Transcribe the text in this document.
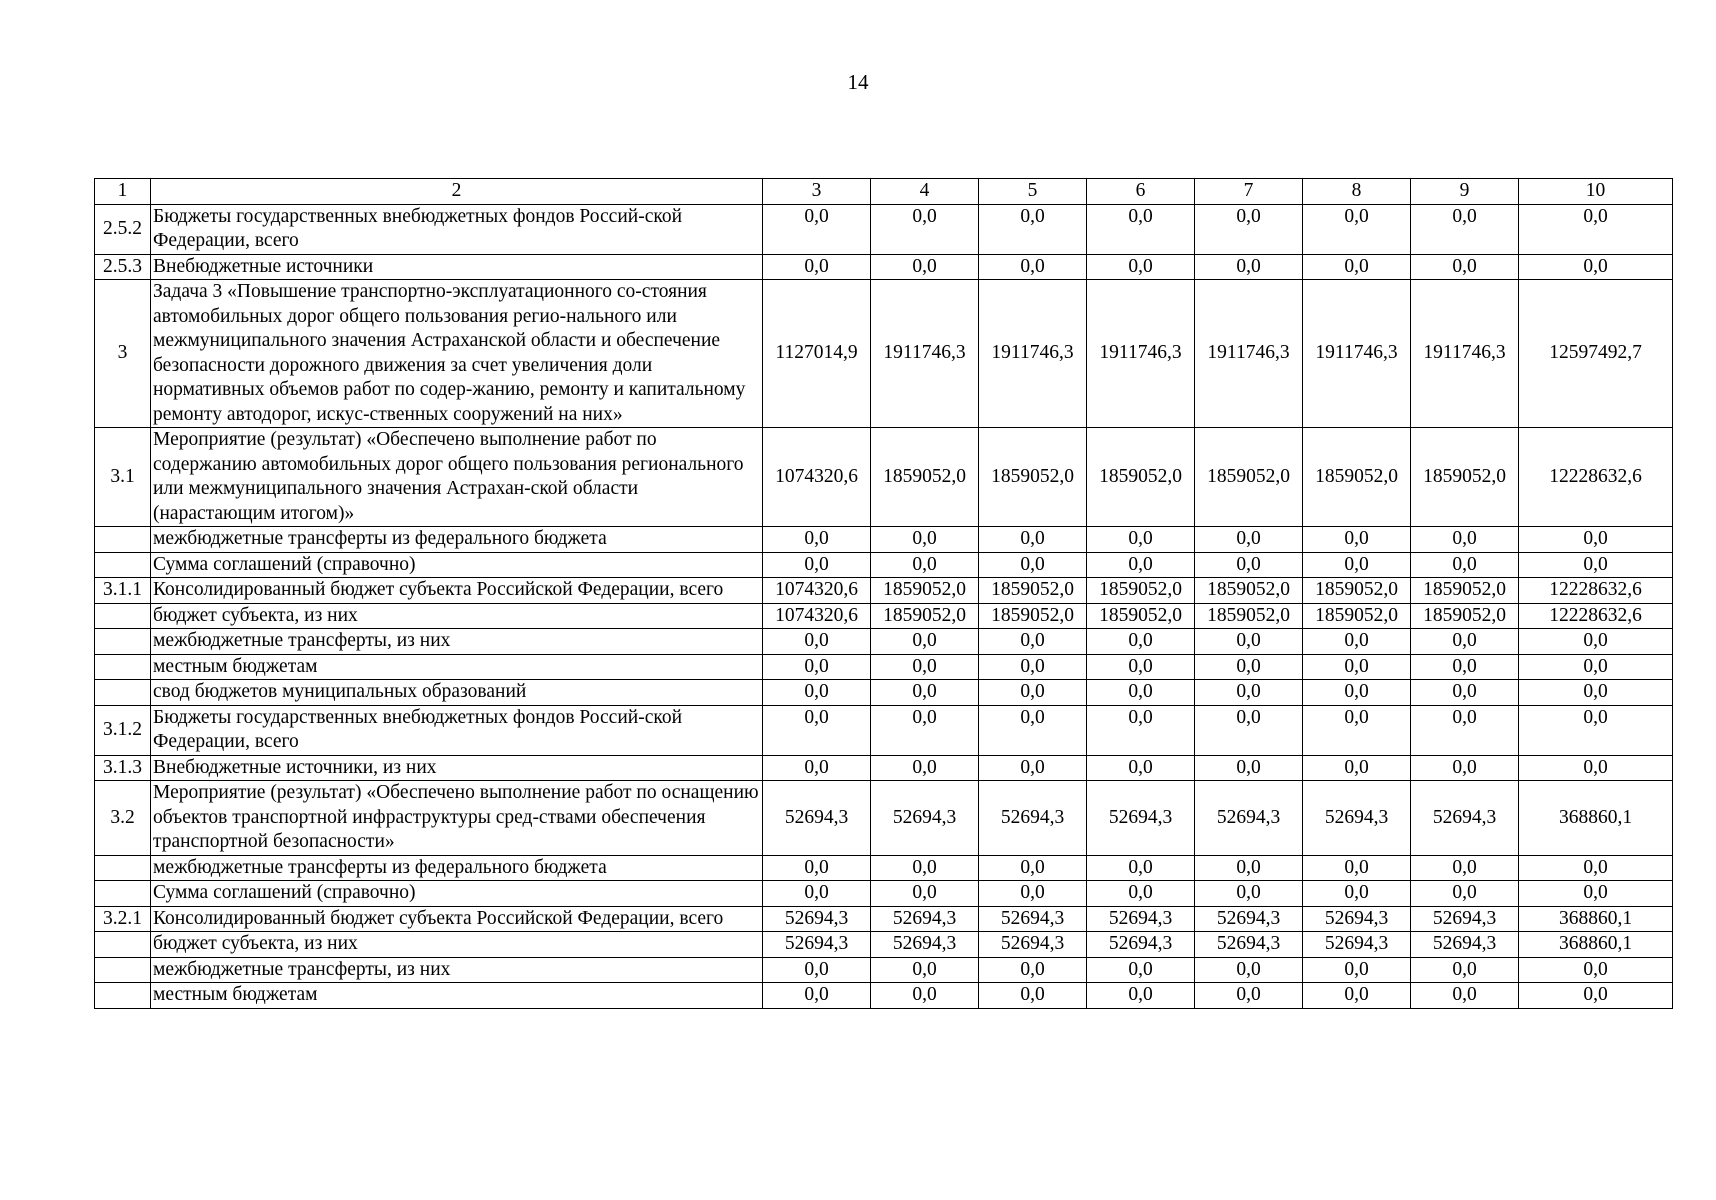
14
1	2	3	4	5	6	7	8	9	10
2.5.2	Бюджеты государственных внебюджетных фондов Россий-ской Федерации, всего	0,0	0,0	0,0	0,0	0,0	0,0	0,0	0,0
2.5.3	Внебюджетные источники	0,0	0,0	0,0	0,0	0,0	0,0	0,0	0,0
3	Задача 3 «Повышение транспортно-эксплуатационного со-стояния автомобильных дорог общего пользования регио-нального или межмуниципального значения Астраханской области и обеспечение безопасности дорожного движения за счет увеличения доли нормативных объемов работ по содер-жанию, ремонту и капитальному ремонту автодорог, искус-ственных сооружений на них»	1127014,9	1911746,3	1911746,3	1911746,3	1911746,3	1911746,3	1911746,3	12597492,7
3.1	Мероприятие (результат) «Обеспечено выполнение работ по содержанию автомобильных дорог общего пользования регионального или межмуниципального значения Астрахан-ской области (нарастающим итогом)»	1074320,6	1859052,0	1859052,0	1859052,0	1859052,0	1859052,0	1859052,0	12228632,6
	межбюджетные трансферты из федерального бюджета	0,0	0,0	0,0	0,0	0,0	0,0	0,0	0,0
	Сумма соглашений (справочно)	0,0	0,0	0,0	0,0	0,0	0,0	0,0	0,0
3.1.1	Консолидированный бюджет субъекта Российской Федерации, всего	1074320,6	1859052,0	1859052,0	1859052,0	1859052,0	1859052,0	1859052,0	12228632,6
	бюджет субъекта, из них	1074320,6	1859052,0	1859052,0	1859052,0	1859052,0	1859052,0	1859052,0	12228632,6
	межбюджетные трансферты, из них	0,0	0,0	0,0	0,0	0,0	0,0	0,0	0,0
	местным бюджетам	0,0	0,0	0,0	0,0	0,0	0,0	0,0	0,0
	свод бюджетов муниципальных образований	0,0	0,0	0,0	0,0	0,0	0,0	0,0	0,0
3.1.2	Бюджеты государственных внебюджетных фондов Россий-ской Федерации, всего	0,0	0,0	0,0	0,0	0,0	0,0	0,0	0,0
3.1.3	Внебюджетные источники, из них	0,0	0,0	0,0	0,0	0,0	0,0	0,0	0,0
3.2	Мероприятие (результат) «Обеспечено выполнение работ по оснащению объектов транспортной инфраструктуры сред-ствами обеспечения транспортной безопасности»	52694,3	52694,3	52694,3	52694,3	52694,3	52694,3	52694,3	368860,1
	межбюджетные трансферты из федерального бюджета	0,0	0,0	0,0	0,0	0,0	0,0	0,0	0,0
	Сумма соглашений (справочно)	0,0	0,0	0,0	0,0	0,0	0,0	0,0	0,0
3.2.1	Консолидированный бюджет субъекта Российской Федерации, всего	52694,3	52694,3	52694,3	52694,3	52694,3	52694,3	52694,3	368860,1
	бюджет субъекта, из них	52694,3	52694,3	52694,3	52694,3	52694,3	52694,3	52694,3	368860,1
	межбюджетные трансферты, из них	0,0	0,0	0,0	0,0	0,0	0,0	0,0	0,0
	местным бюджетам	0,0	0,0	0,0	0,0	0,0	0,0	0,0	0,0
